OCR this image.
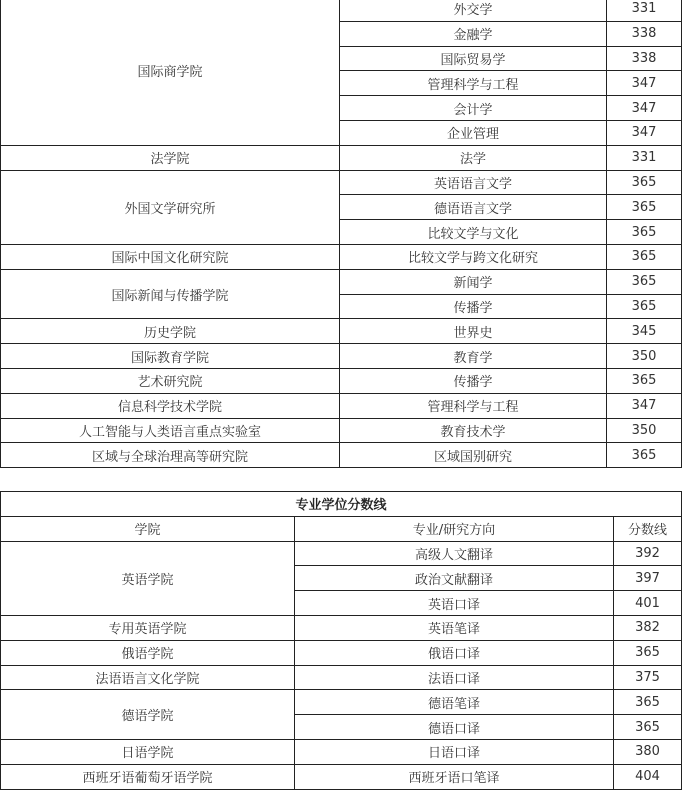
国际商学院	外交学	331
	金融学	338
	国际贸易学	338
	管理科学与工程	347
	会计学	347
	企业管理	347
法学院	法学	331
外国文学研究所	英语语言文学	365
	德语语言文学	365
	比较文学与文化	365
国际中国文化研究院	比较文学与跨文化研究	365
国际新闻与传播学院	新闻学	365
	传播学	365
历史学院	世界史	345
国际教育学院	教育学	350
艺术研究院	传播学	365
信息科学技术学院	管理科学与工程	347
人工智能与人类语言重点实验室	教育技术学	350
区域与全球治理高等研究院	区域国别研究	365
专业学位分数线		
学院	专业/研究方向	分数线
英语学院	高级人文翻译	392
	政治文献翻译	397
	英语口译	401
专用英语学院	英语笔译	382
俄语学院	俄语口译	365
法语语言文化学院	法语口译	375
德语学院	德语笔译	365
	德语口译	365
日语学院	日语口译	380
西班牙语葡萄牙语学院	西班牙语口笔译	404
